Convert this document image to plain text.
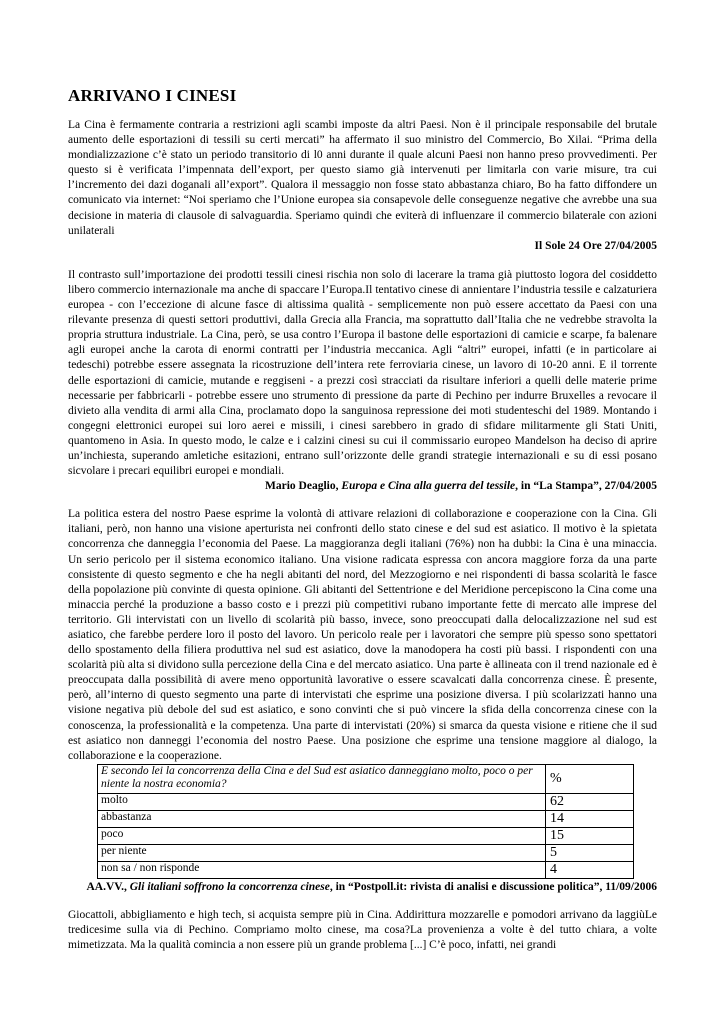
ARRIVANO I CINESI

La Cina è fermamente contraria a restrizioni agli scambi imposte da altri Paesi. Non è il principale responsabile del brutale aumento delle esportazioni di tessili su certi mercati” ha affermato il suo ministro del Commercio, Bo Xilai. “Prima della mondializzazione c’è stato un periodo transitorio di l0 anni durante il quale alcuni Paesi non hanno preso provvedimenti. Per questo si è verificata l’impennata dell’export, per questo siamo già intervenuti per limitarla con varie misure, tra cui l’incremento dei dazi doganali all’export”. Qualora il messaggio non fosse stato abbastanza chiaro, Bo ha fatto diffondere un comunicato via internet: “Noi speriamo che l’Unione europea sia consapevole delle conseguenze negative che avrebbe una sua decisione in materia di clausole di salvaguardia. Speriamo quindi che eviterà di influenzare il commercio bilaterale con azioni unilaterali

Il Sole 24 Ore 27/04/2005

Il contrasto sull’importazione dei prodotti tessili cinesi rischia non solo di lacerare la trama già piuttosto logora del cosiddetto libero commercio internazionale ma anche di spaccare l’Europa.Il tentativo cinese di annientare l’industria tessile e calzaturiera europea - con l’eccezione di alcune fasce di altissima qualità - semplicemente non può essere accettato da Paesi con una rilevante presenza di questi settori produttivi, dalla Grecia alla Francia, ma soprattutto dall’Italia che ne vedrebbe stravolta la propria struttura industriale. La Cina, però, se usa contro l’Europa il bastone delle esportazioni di camicie e scarpe, fa balenare agli europei anche la carota di enormi contratti per l’industria meccanica. Agli “altri” europei, infatti (e in particolare ai tedeschi) potrebbe essere assegnata la ricostruzione dell’intera rete ferroviaria cinese, un lavoro di 10-20 anni. E il torrente delle esportazioni di camicie, mutande e reggiseni - a prezzi così stracciati da risultare inferiori a quelli delle materie prime necessarie per fabbricarli - potrebbe essere uno strumento di pressione da parte di Pechino per indurre Bruxelles a revocare il divieto alla vendita di armi alla Cina, proclamato dopo la sanguinosa repressione dei moti studenteschi del 1989. Montando i congegni elettronici europei sui loro aerei e missili, i cinesi sarebbero in grado di sfidare militarmente gli Stati Uniti, quantomeno in Asia. In questo modo, le calze e i calzini cinesi su cui il commissario europeo Mandelson ha deciso di aprire un’inchiesta, superando amletiche esitazioni, entrano sull’orizzonte delle grandi strategie internazionali e su di essi posano sicvolare i precari equilibri europei e mondiali.

Mario Deaglio, Europa e Cina alla guerra del tessile, in “La Stampa”, 27/04/2005

La politica estera del nostro Paese esprime la volontà di attivare relazioni di collaborazione e cooperazione con la Cina. Gli italiani, però, non hanno una visione aperturista nei confronti dello stato cinese e del sud est asiatico. Il motivo è la spietata concorrenza che danneggia l’economia del Paese. La maggioranza degli italiani (76%) non ha dubbi: la Cina è una minaccia. Un serio pericolo per il sistema economico italiano. Una visione radicata espressa con ancora maggiore forza da una parte consistente di questo segmento e che ha negli abitanti del nord, del Mezzogiorno e nei rispondenti di bassa scolarità le fasce della popolazione più convinte di questa opinione. Gli abitanti del Settentrione e del Meridione percepiscono la Cina come una minaccia perché la produzione a basso costo e i prezzi più competitivi rubano importante fette di mercato alle imprese del territorio. Gli intervistati con un livello di scolarità più basso, invece, sono preoccupati dalla delocalizzazione nel sud est asiatico, che farebbe perdere loro il posto del lavoro. Un pericolo reale per i lavoratori che sempre più spesso sono spettatori dello spostamento della filiera produttiva nel sud est asiatico, dove la manodopera ha costi più bassi. I rispondenti con una scolarità più alta si dividono sulla percezione della Cina e del mercato asiatico. Una parte è allineata con il trend nazionale ed è preoccupata dalla possibilità di avere meno opportunità lavorative o essere scavalcati dalla concorrenza cinese. È presente, però, all’interno di questo segmento una parte di intervistati che esprime una posizione diversa. I più scolarizzati hanno una visione negativa più debole del sud est asiatico, e sono convinti che si può vincere la sfida della concorrenza cinese con la conoscenza, la professionalità e la competenza. Una parte di intervistati (20%) si smarca da questa visione e ritiene che il sud est asiatico non danneggi l’economia del nostro Paese. Una posizione che esprime una tensione maggiore al dialogo, la collaborazione e la cooperazione.

E secondo lei la concorrenza della Cina e del Sud est asiatico danneggiano molto, poco o per niente la nostra economia?	%
molto	62
abbastanza	14
poco	15
per niente	5
non sa / non risponde	4

AA.VV., Gli italiani soffrono la concorrenza cinese, in “Postpoll.it: rivista di analisi e discussione politica”, 11/09/2006

Giocattoli, abbigliamento e high tech, si acquista sempre più in Cina. Addirittura mozzarelle e pomodori arrivano da laggiùLe tredicesime sulla via di Pechino. Compriamo molto cinese, ma cosa?La provenienza a volte è del tutto chiara, a volte mimetizzata. Ma la qualità comincia a non essere più un grande problema [...] C’è poco, infatti, nei grandi
